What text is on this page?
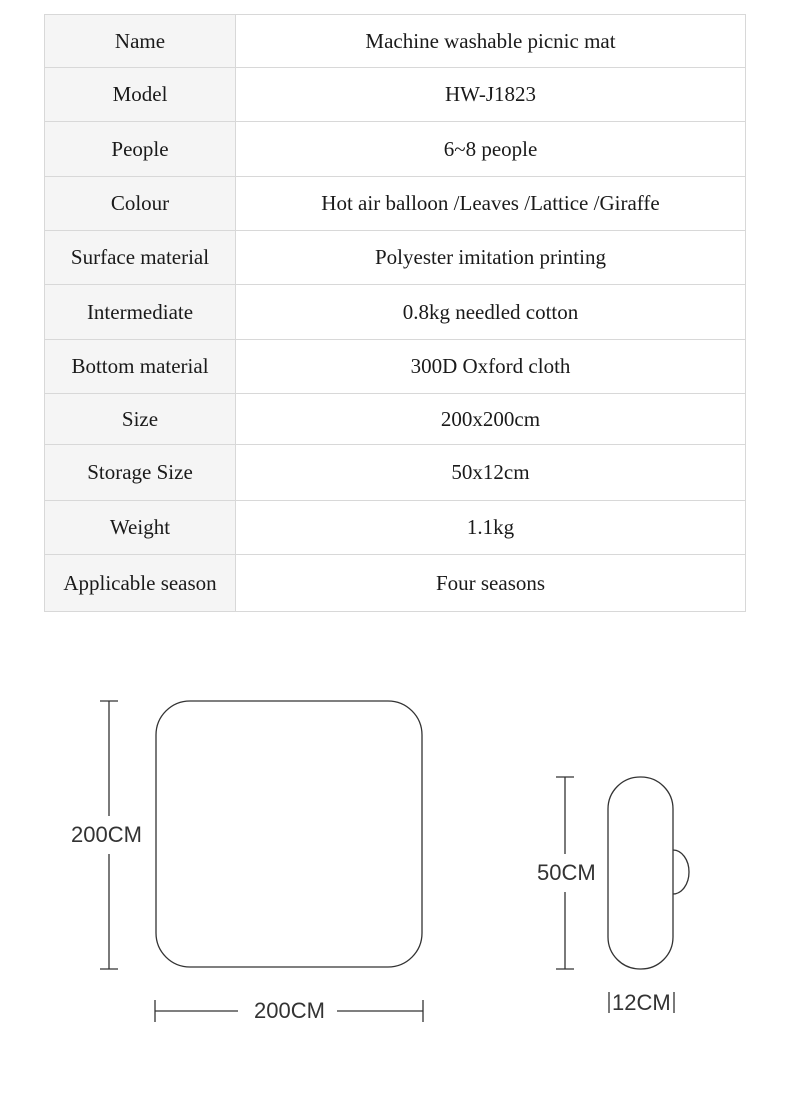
Name	Machine washable picnic mat
Model	HW-J1823
People	6~8 people
Colour	Hot air balloon /Leaves /Lattice /Giraffe
Surface material	Polyester imitation printing
Intermediate	0.8kg needled cotton
Bottom material	300D Oxford cloth
Size	200x200cm
Storage Size	50x12cm
Weight	1.1kg
Applicable season	Four seasons
200CM
200CM
50CM
12CM
